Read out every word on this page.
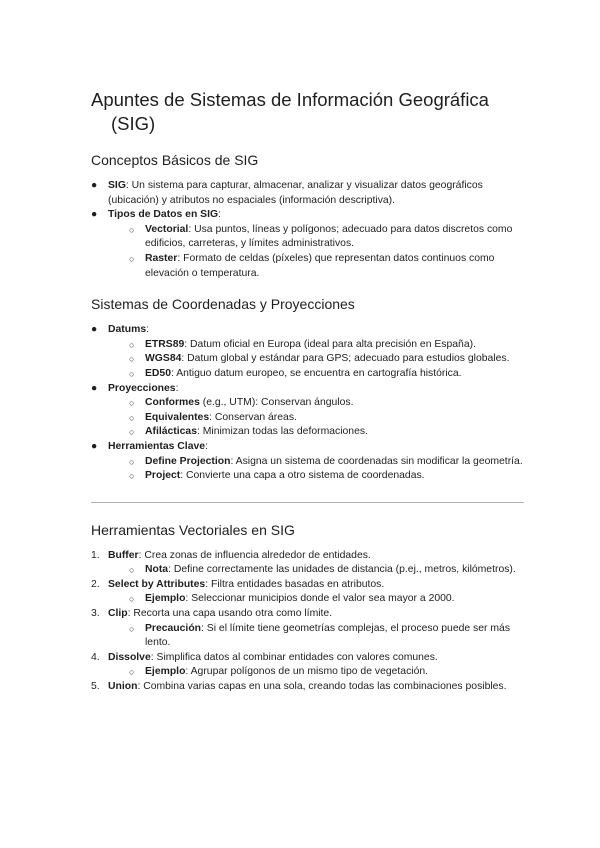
Apuntes de Sistemas de Información Geográfica
(SIG)
Conceptos Básicos de SIG
●	SIG: Un sistema para capturar, almacenar, analizar y visualizar datos geográficos (ubicación) y atributos no espaciales (información descriptiva).
●	Tipos de Datos en SIG:
○	Vectorial: Usa puntos, líneas y polígonos; adecuado para datos discretos como edificios, carreteras, y límites administrativos.
○	Raster: Formato de celdas (píxeles) que representan datos continuos como elevación o temperatura.
Sistemas de Coordenadas y Proyecciones
●	Datums:
○	ETRS89: Datum oficial en Europa (ideal para alta precisión en España).
○	WGS84: Datum global y estándar para GPS; adecuado para estudios globales.
○	ED50: Antiguo datum europeo, se encuentra en cartografía histórica.
●	Proyecciones:
○	Conformes (e.g., UTM): Conservan ángulos.
○	Equivalentes: Conservan áreas.
○	Afilácticas: Minimizan todas las deformaciones.
●	Herramientas Clave:
○	Define Projection: Asigna un sistema de coordenadas sin modificar la geometría.
○	Project: Convierte una capa a otro sistema de coordenadas.
Herramientas Vectoriales en SIG
1. Buffer: Crea zonas de influencia alrededor de entidades.
○	Nota: Define correctamente las unidades de distancia (p.ej., metros, kilómetros).
2. Select by Attributes: Filtra entidades basadas en atributos.
○	Ejemplo: Seleccionar municipios donde el valor sea mayor a 2000.
3. Clip: Recorta una capa usando otra como límite.
○	Precaución: Si el límite tiene geometrías complejas, el proceso puede ser más lento.
4. Dissolve: Simplifica datos al combinar entidades con valores comunes.
○	Ejemplo: Agrupar polígonos de un mismo tipo de vegetación.
5. Union: Combina varias capas en una sola, creando todas las combinaciones posibles.
